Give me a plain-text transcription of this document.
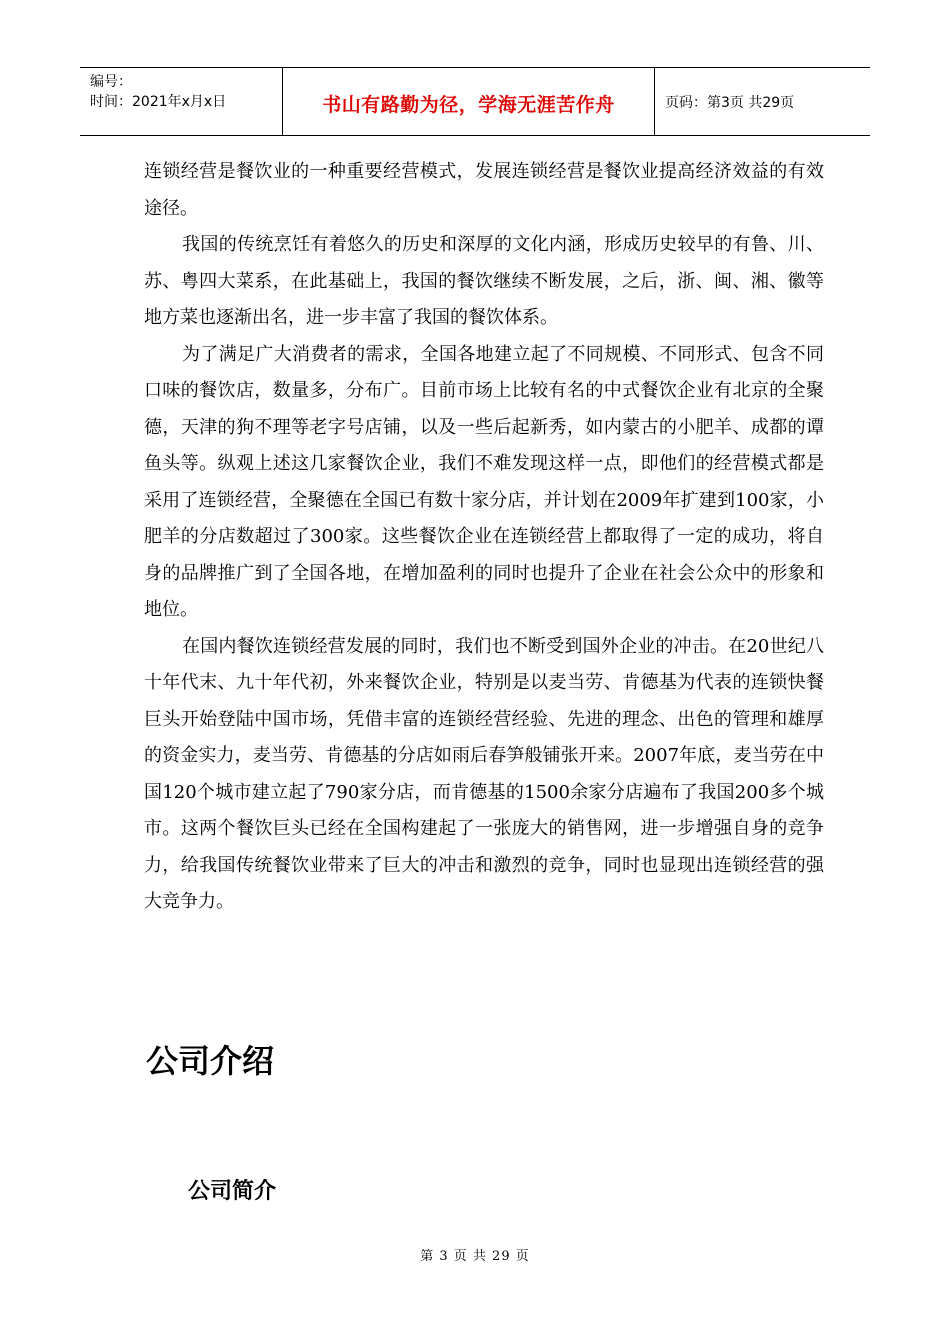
编号：
时间：2021年x月x日	书山有路勤为径，学海无涯苦作舟	页码：第3页 共29页

连锁经营是餐饮业的一种重要经营模式，发展连锁经营是餐饮业提高经济效益的有效途径。

我国的传统烹饪有着悠久的历史和深厚的文化内涵，形成历史较早的有鲁、川、苏、粤四大菜系，在此基础上，我国的餐饮继续不断发展，之后，浙、闽、湘、徽等地方菜也逐渐出名，进一步丰富了我国的餐饮体系。

为了满足广大消费者的需求，全国各地建立起了不同规模、不同形式、包含不同口味的餐饮店，数量多，分布广。目前市场上比较有名的中式餐饮企业有北京的全聚德，天津的狗不理等老字号店铺，以及一些后起新秀，如内蒙古的小肥羊、成都的谭鱼头等。纵观上述这几家餐饮企业，我们不难发现这样一点，即他们的经营模式都是采用了连锁经营，全聚德在全国已有数十家分店，并计划在2009年扩建到100家，小肥羊的分店数超过了300家。这些餐饮企业在连锁经营上都取得了一定的成功，将自身的品牌推广到了全国各地，在增加盈利的同时也提升了企业在社会公众中的形象和地位。

在国内餐饮连锁经营发展的同时，我们也不断受到国外企业的冲击。在20世纪八十年代末、九十年代初，外来餐饮企业，特别是以麦当劳、肯德基为代表的连锁快餐巨头开始登陆中国市场，凭借丰富的连锁经营经验、先进的理念、出色的管理和雄厚的资金实力，麦当劳、肯德基的分店如雨后春笋般铺张开来。2007年底，麦当劳在中国120个城市建立起了790家分店，而肯德基的1500余家分店遍布了我国200多个城市。这两个餐饮巨头已经在全国构建起了一张庞大的销售网，进一步增强自身的竞争力，给我国传统餐饮业带来了巨大的冲击和激烈的竞争，同时也显现出连锁经营的强大竞争力。

公司介绍
公司简介
第 3 页 共 29 页
